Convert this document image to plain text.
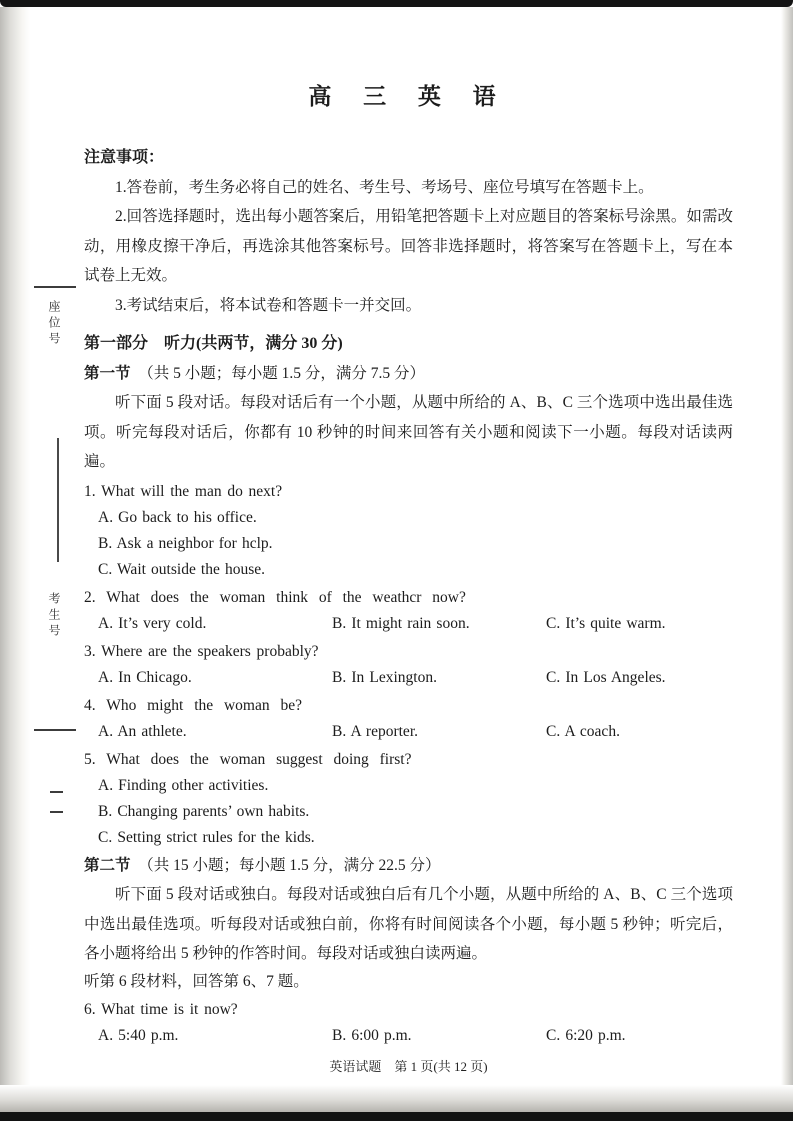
座位号
考生号
高 三 英 语

注意事项：

1.答卷前，考生务必将自己的姓名、考生号、考场号、座位号填写在答题卡上。

2.回答选择题时，选出每小题答案后，用铅笔把答题卡上对应题目的答案标号涂黑。如需改动，用橡皮擦干净后，再选涂其他答案标号。回答非选择题时，将答案写在答题卡上，写在本试卷上无效。

3.考试结束后，将本试卷和答题卡一并交回。

第一部分　听力(共两节，满分 30 分)

第一节  （共 5 小题；每小题 1.5 分，满分 7.5 分）

听下面 5 段对话。每段对话后有一个小题，从题中所给的 A、B、C 三个选项中选出最佳选项。听完每段对话后，你都有 10 秒钟的时间来回答有关小题和阅读下一小题。每段对话读两遍。

1. What will the man do next?

A. Go back to his office.

B. Ask a neighbor for hclp.

C. Wait outside the house.

2. What does the woman think of the weathcr now?

A. It’s very cold.	B. It might rain soon.	C. It’s quite warm.

3. Where are the speakers probably?

A. In Chicago.	B. In Lexington.	C. In Los Angeles.

4. Who might the woman be?

A. An athlete.	B. A reporter.	C. A coach.

5. What does the woman suggest doing first?

A. Finding other activities.

B. Changing parents’ own habits.

C. Setting strict rules for the kids.

第二节  （共 15 小题；每小题 1.5 分，满分 22.5 分）

听下面 5 段对话或独白。每段对话或独白后有几个小题，从题中所给的 A、B、C 三个选项中选出最佳选项。听每段对话或独白前，你将有时间阅读各个小题，每小题 5 秒钟；听完后，各小题将给出 5 秒钟的作答时间。每段对话或独白读两遍。

听第 6 段材料，回答第 6、7 题。

6. What time is it now?

A. 5:40 p.m.	B. 6:00 p.m.	C. 6:20 p.m.

英语试题　第 1 页(共 12 页)
